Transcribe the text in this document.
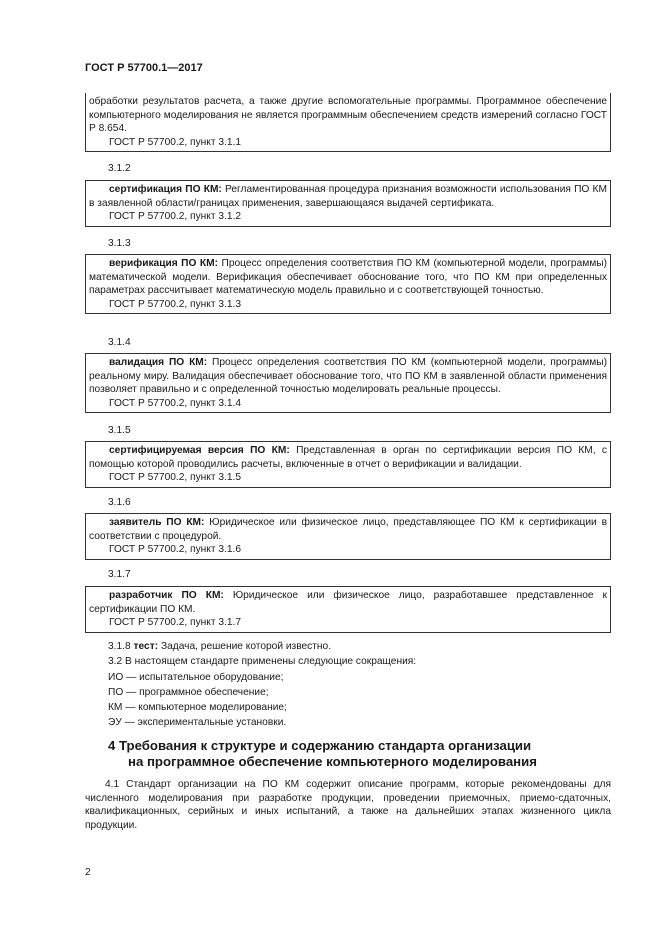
ГОСТ Р 57700.1—2017

обработки результатов расчета, а также другие вспомогательные программы. Программное обеспечение компьютерного моделирования не является программным обеспечением средств измерений согласно ГОСТ Р 8.654.

ГОСТ Р 57700.2, пункт 3.1.1

3.1.2

сертификация ПО КМ: Регламентированная процедура признания возможности использования ПО КМ в заявленной области/границах применения, завершающаяся выдачей сертификата.

ГОСТ Р 57700.2, пункт 3.1.2

3.1.3

верификация ПО КМ: Процесс определения соответствия ПО КМ (компьютерной модели, программы) математической модели. Верификация обеспечивает обоснование того, что ПО КМ при определенных параметрах рассчитывает математическую модель правильно и с соответствующей точностью.

ГОСТ Р 57700.2, пункт 3.1.3

3.1.4

валидация ПО КМ: Процесс определения соответствия ПО КМ (компьютерной модели, программы) реальному миру. Валидация обеспечивает обоснование того, что ПО КМ в заявленной области применения позволяет правильно и с определенной точностью моделировать реальные процессы.

ГОСТ Р 57700.2, пункт 3.1.4

3.1.5

сертифицируемая версия ПО КМ: Представленная в орган по сертификации версия ПО КМ, с помощью которой проводились расчеты, включенные в отчет о верификации и валидации.

ГОСТ Р 57700.2, пункт 3.1.5

3.1.6

заявитель ПО КМ: Юридическое или физическое лицо, представляющее ПО КМ к сертификации в соответствии с процедурой.

ГОСТ Р 57700.2, пункт 3.1.6

3.1.7

разработчик ПО КМ: Юридическое или физическое лицо, разработавшее представленное к сертификации ПО КМ.

ГОСТ Р 57700.2, пункт 3.1.7

3.1.8 тест: Задача, решение которой известно.
3.2 В настоящем стандарте применены следующие сокращения:
ИО — испытательное оборудование;
ПО — программное обеспечение;
КМ — компьютерное моделирование;
ЭУ — экспериментальные установки.
4 Требования к структуре и содержанию стандарта организации
на программное обеспечение компьютерного моделирования

4.1 Стандарт организации на ПО КМ содержит описание программ, которые рекомендованы для численного моделирования при разработке продукции, проведении приемочных, приемо-сдаточных, квалификационных, серийных и иных испытаний, а также на дальнейших этапах жизненного цикла продукции.

2
